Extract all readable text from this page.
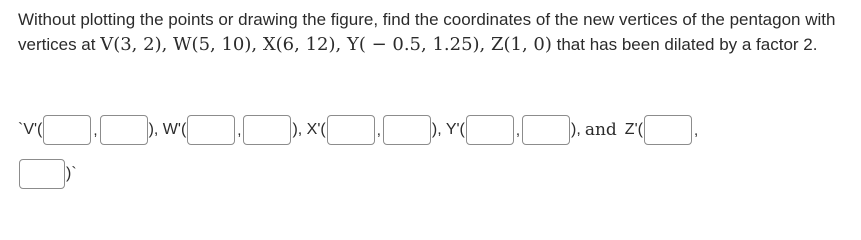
Without plotting the points or drawing the figure, find the coordinates of the new vertices of the pentagon with vertices at V(3, 2), W(5, 10), X(6, 12), Y( − 0.5, 1.25), Z(1, 0) that has been dilated by a factor 2.

`V'(	,	), W'(	,	), X'(	,	), Y'(	,	), and Z'(	,
)`
